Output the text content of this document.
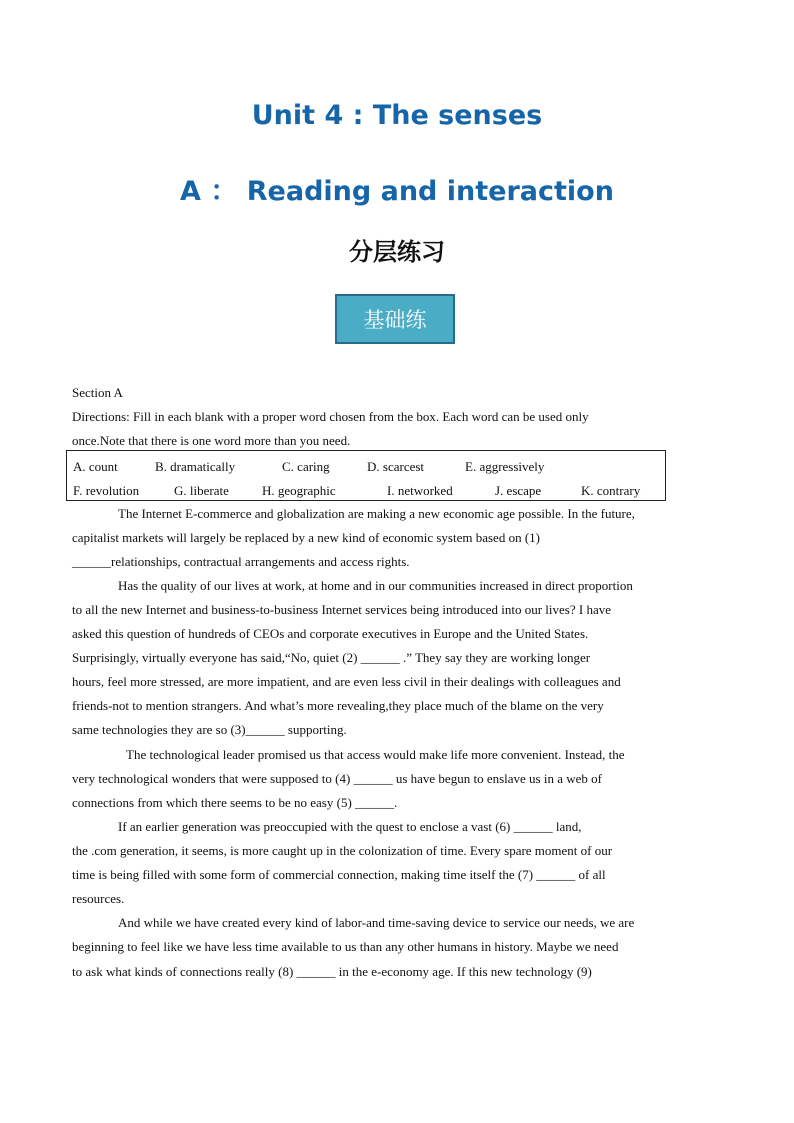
Unit 4 : The senses
A ： Reading and interaction
分层练习
基础练
Section A
Directions: Fill in each blank with a proper word chosen from the box. Each word can be used only
once.Note that there is one word more than you need.
A. count	B. dramatically	C. caring	D. scarcest	E. aggressively
F. revolution	G. liberate	H. geographic	I. networked	J. escape	K. contrary
The Internet E-commerce and globalization are making a new economic age possible. In the future,
capitalist markets will largely be replaced by a new kind of economic system based on (1)
______relationships, contractual arrangements and access rights.
Has the quality of our lives at work, at home and in our communities increased in direct proportion
to all the new Internet and business-to-business Internet services being introduced into our lives? I have
asked this question of hundreds of CEOs and corporate executives in Europe and the United States.
Surprisingly, virtually everyone has said,“No, quiet (2) ______ .” They say they are working longer
hours, feel more stressed, are more impatient, and are even less civil in their dealings with colleagues and
friends-not to mention strangers. And what’s more revealing,they place much of the blame on the very
same technologies they are so (3)______ supporting.
The technological leader promised us that access would make life more convenient. Instead, the
very technological wonders that were supposed to (4) ______ us have begun to enslave us in a web of
connections from which there seems to be no easy (5) ______.
If an earlier generation was preoccupied with the quest to enclose a vast (6) ______ land,
the .com generation, it seems, is more caught up in the colonization of time. Every spare moment of our
time is being filled with some form of commercial connection, making time itself the (7) ______ of all
resources.
And while we have created every kind of labor-and time-saving device to service our needs, we are
beginning to feel like we have less time available to us than any other humans in history. Maybe we need
to ask what kinds of connections really (8) ______ in the e-economy age. If this new technology (9)
